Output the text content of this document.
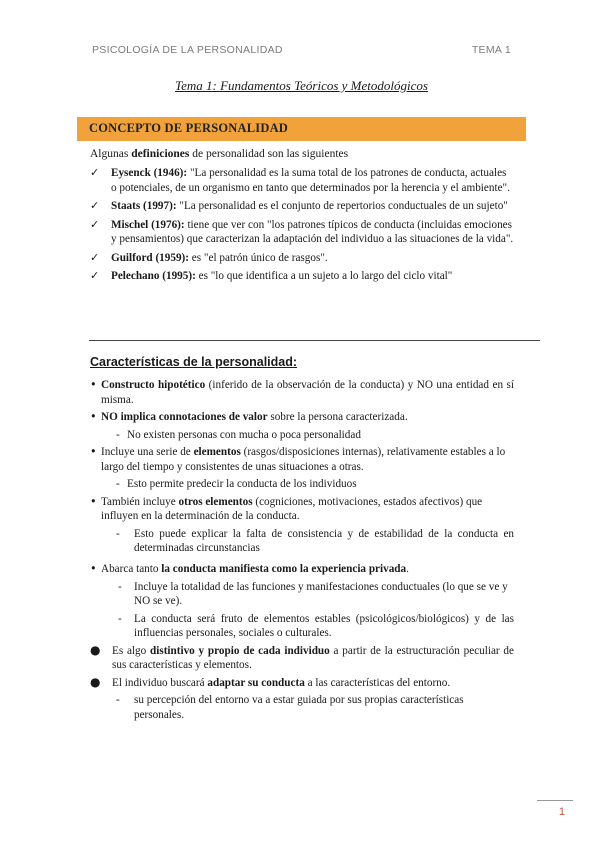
PSICOLOGÍA DE LA PERSONALIDAD	TEMA 1
Tema 1: Fundamentos Teóricos y Metodológicos
CONCEPTO DE PERSONALIDAD
Algunas definiciones de personalidad son las siguientes
✓ Eysenck (1946): "La personalidad es la suma total de los patrones de conducta, actuales o potenciales, de un organismo en tanto que determinados por la herencia y el ambiente".
✓ Staats (1997): "La personalidad es el conjunto de repertorios conductuales de un sujeto"
✓ Mischel (1976): tiene que ver con "los patrones típicos de conducta (incluidas emociones y pensamientos) que caracterizan la adaptación del individuo a las situaciones de la vida".
✓ Guilford (1959): es "el patrón único de rasgos".
✓ Pelechano (1995): es "lo que identifica a un sujeto a lo largo del ciclo vital"
Características de la personalidad:
• Constructo hipotético (inferido de la observación de la conducta) y NO una entidad en sí misma.
• NO implica connotaciones de valor sobre la persona caracterizada.
- No existen personas con mucha o poca personalidad
• Incluye una serie de elementos (rasgos/disposiciones internas), relativamente estables a lo largo del tiempo y consistentes de unas situaciones a otras.
- Esto permite predecir la conducta de los individuos
• También incluye otros elementos (cogniciones, motivaciones, estados afectivos) que influyen en la determinación de la conducta.
- Esto puede explicar la falta de consistencia y de estabilidad de la conducta en determinadas circunstancias
• Abarca tanto la conducta manifiesta como la experiencia privada.
- Incluye la totalidad de las funciones y manifestaciones conductuales (lo que se ve y NO se ve).
- La conducta será fruto de elementos estables (psicológicos/biológicos) y de las influencias personales, sociales o culturales.
● Es algo distintivo y propio de cada individuo a partir de la estructuración peculiar de sus características y elementos.
● El individuo buscará adaptar su conducta a las características del entorno.
- su percepción del entorno va a estar guiada por sus propias características personales.
1
